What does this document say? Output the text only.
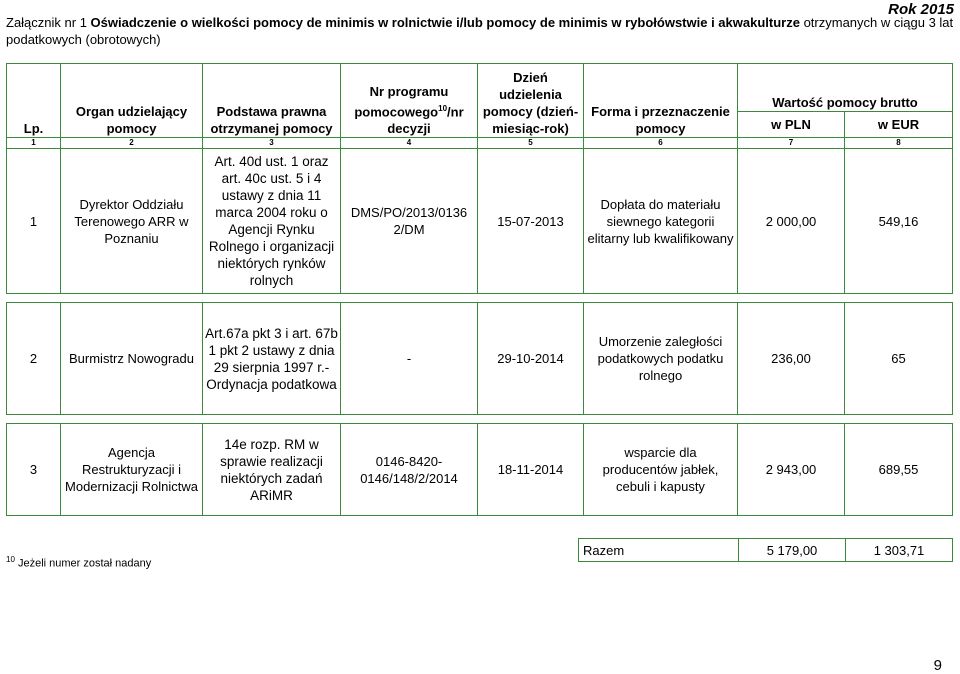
Rok 2015
Załącznik nr 1 Oświadczenie o wielkości pomocy de minimis w rolnictwie i/lub pomocy de minimis w rybołówstwie i akwakulturze otrzymanych w ciągu 3 lat podatkowych (obrotowych)
Lp.	Organ udzielający pomocy	Podstawa prawna otrzymanej pomocy	Nr programu pomocowego$^{10}$/nr decyzji	Dzień udzielenia pomocy (dzień-miesiąc-rok)	Forma i przeznaczenie pomocy	Wartość pomocy brutto	
						w PLN	w EUR
1	2	3	4	5	6	7	8
1	Dyrektor Oddziału Terenowego ARR w Poznaniu	Art. 40d ust. 1 oraz art. 40c ust. 5 i 4 ustawy z dnia 11 marca 2004 roku o Agencji Rynku Rolnego i organizacji niektórych rynków rolnych	DMS/PO/2013/0136 2/DM	15-07-2013	Dopłata do materiału siewnego kategorii elitarny lub kwalifikowany	2 000,00	549,16

2	Burmistrz Nowogradu	Art.67a pkt 3 i art. 67b 1 pkt 2 ustawy z dnia 29 sierpnia 1997 r.- Ordynacja podatkowa	-	29-10-2014	Umorzenie zaległości podatkowych podatku rolnego	236,00	65

3	Agencja Restrukturyzacji i Modernizacji Rolnictwa	14e rozp. RM w sprawie realizacji niektórych zadań ARiMR	0146-8420-0146/148/2/2014	18-11-2014	wsparcie dla producentów jabłek, cebuli i kapusty	2 943,00	689,55
$^{10}$ Jeżeli numer został nadany
Razem	5 179,00	1 303,71
9
